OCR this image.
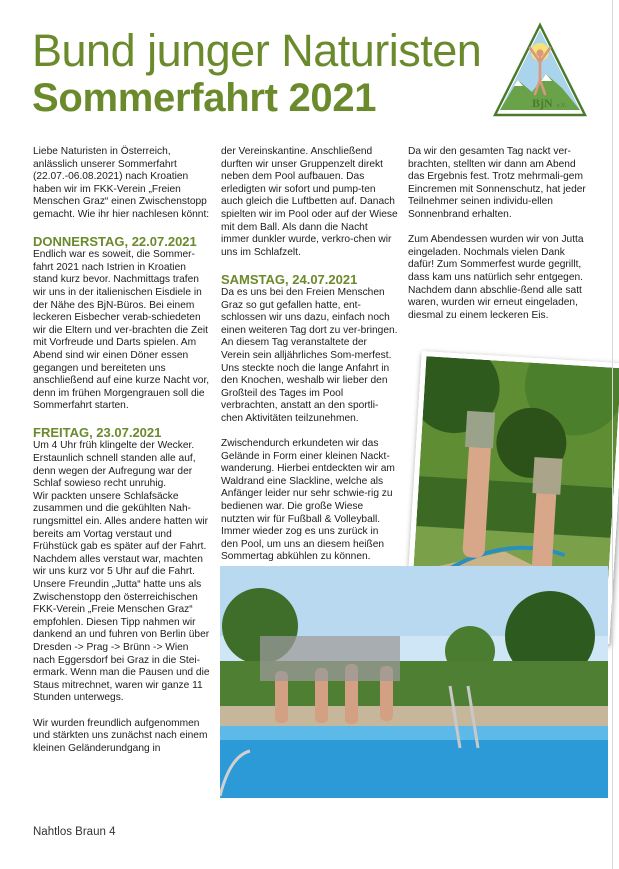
Bund junger Naturisten
Sommerfahrt 2021	BjN e.V.

Liebe Naturisten in Österreich, anlässlich unserer Sommerfahrt (22.07.-06.08.2021) nach Kroatien haben wir im FKK-Verein „Freien Menschen Graz“ einen Zwischenstopp gemacht. Wie ihr hier nachlesen könnt:

DONNERSTAG, 22.07.2021

Endlich war es soweit, die Sommer-fahrt 2021 nach Istrien in Kroatien stand kurz bevor. Nachmittags trafen wir uns in der italienischen Eisdiele in der Nähe des BjN-Büros. Bei einem leckeren Eisbecher verab-schiedeten wir die Eltern und ver-brachten die Zeit mit Vorfreude und Darts spielen. Am Abend sind wir einen Döner essen gegangen und bereiteten uns anschließend auf eine kurze Nacht vor, denn im frühen Morgengrauen soll die Sommerfahrt starten.

FREITAG, 23.07.2021

Um 4 Uhr früh klingelte der Wecker. Erstaunlich schnell standen alle auf, denn wegen der Aufregung war der Schlaf sowieso recht unruhig.

Wir packten unsere Schlafsäcke zusammen und die gekühlten Nah-rungsmittel ein. Alles andere hatten wir bereits am Vortag verstaut und Frühstück gab es später auf der Fahrt. Nachdem alles verstaut war, machten wir uns kurz vor 5 Uhr auf die Fahrt. Unsere Freundin „Jutta“ hatte uns als Zwischenstopp den österreichischen FKK-Verein „Freie Menschen Graz“ empfohlen. Diesen Tipp nahmen wir dankend an und fuhren von Berlin über Dresden -> Prag -> Brünn -> Wien nach Eggersdorf bei Graz in die Stei-ermark. Wenn man die Pausen und die Staus mitrechnet, waren wir ganze 11 Stunden unterwegs.

Wir wurden freundlich aufgenommen und stärkten uns zunächst nach einem kleinen Geländerundgang in

der Vereinskantine. Anschließend durften wir unser Gruppenzelt direkt neben dem Pool aufbauen. Das erledigten wir sofort und pump-ten auch gleich die Luftbetten auf. Danach spielten wir im Pool oder auf der Wiese mit dem Ball. Als dann die Nacht immer dunkler wurde, verkro-chen wir uns im Schlafzelt.

SAMSTAG, 24.07.2021

Da es uns bei den Freien Menschen Graz so gut gefallen hatte, ent-schlossen wir uns dazu, einfach noch einen weiteren Tag dort zu ver-bringen. An diesem Tag veranstaltete der Verein sein alljährliches Som-merfest. Uns steckte noch die lange Anfahrt in den Knochen, weshalb wir lieber den Großteil des Tages im Pool verbrachten, anstatt an den sportli-chen Aktivitäten teilzunehmen.

Zwischendurch erkundeten wir das Gelände in Form einer kleinen Nackt-wanderung. Hierbei entdeckten wir am Waldrand eine Slackline, welche als Anfänger leider nur sehr schwie-rig zu bedienen war. Die große Wiese nutzten wir für Fußball & Volleyball. Immer wieder zog es uns zurück in den Pool, um uns an diesem heißen Sommertag abkühlen zu können.

Da wir den gesamten Tag nackt ver-brachten, stellten wir dann am Abend das Ergebnis fest. Trotz mehrmali-gem Eincremen mit Sonnenschutz, hat jeder Teilnehmer seinen individu-ellen Sonnenbrand erhalten.

Zum Abendessen wurden wir von Jutta eingeladen. Nochmals vielen Dank dafür! Zum Sommerfest wurde gegrillt, dass kam uns natürlich sehr entgegen. Nachdem dann abschlie-ßend alle satt waren, wurden wir erneut eingeladen, diesmal zu einem leckeren Eis.

Nahtlos Braun 4
